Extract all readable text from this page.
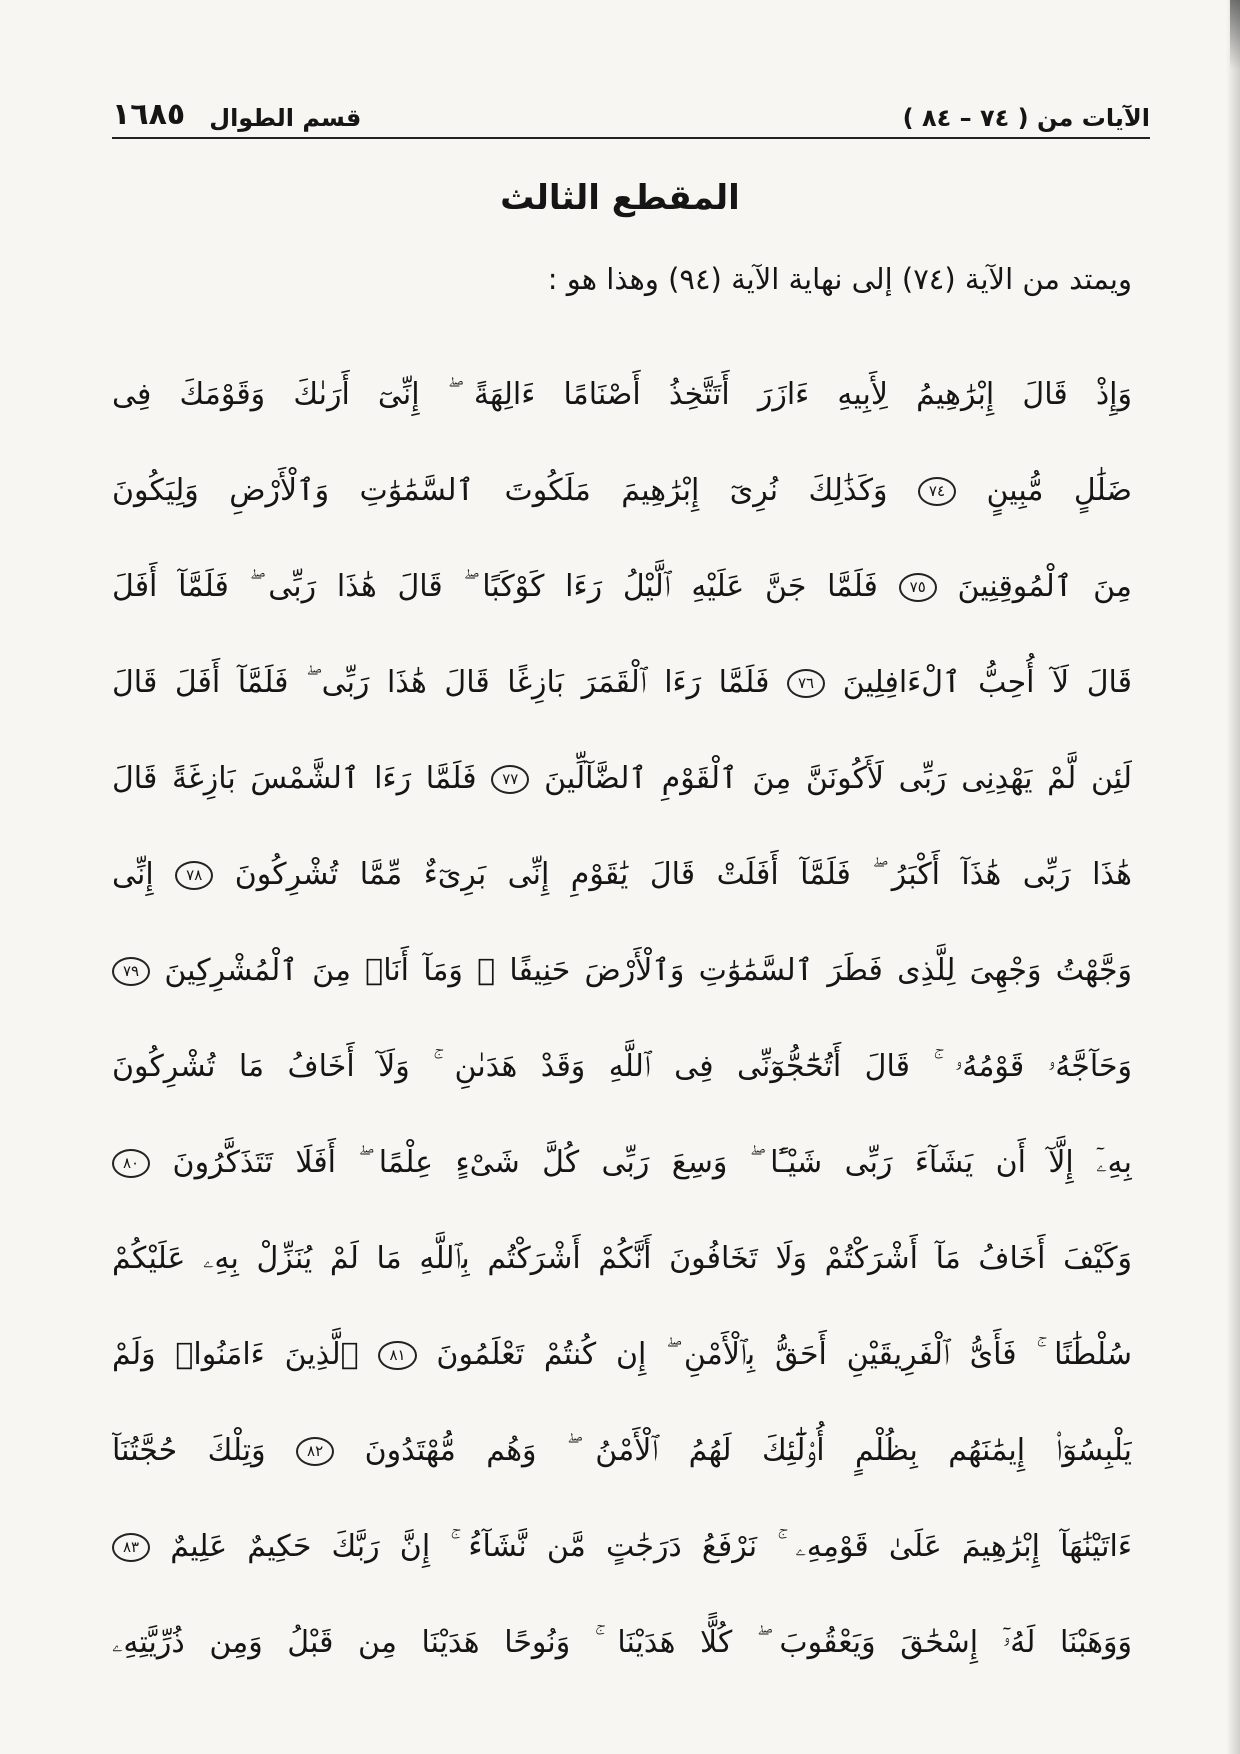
الآيات من ( ٧٤ – ٨٤ )
قسم الطوال
١٦٨٥
المقطع الثالث
ويمتد من الآية (٧٤) إلى نهاية الآية (٩٤) وهذا هو :
وَإِذْ قَالَ إِبْرَٰهِيمُ لِأَبِيهِ ءَازَرَ أَتَتَّخِذُ أَصْنَامًا ءَالِهَةً ۖ إِنِّىٓ أَرَىٰكَ وَقَوْمَكَ فِى
ضَلَٰلٍ مُّبِينٍ ٧٤ وَكَذَٰلِكَ نُرِىٓ إِبْرَٰهِيمَ مَلَكُوتَ ٱلسَّمَٰوَٰتِ وَٱلْأَرْضِ وَلِيَكُونَ
مِنَ ٱلْمُوقِنِينَ ٧٥ فَلَمَّا جَنَّ عَلَيْهِ ٱلَّيْلُ رَءَا كَوْكَبًا ۖ قَالَ هَٰذَا رَبِّى ۖ فَلَمَّآ أَفَلَ
قَالَ لَآ أُحِبُّ ٱلْءَافِلِينَ ٧٦ فَلَمَّا رَءَا ٱلْقَمَرَ بَازِغًا قَالَ هَٰذَا رَبِّى ۖ فَلَمَّآ أَفَلَ قَالَ
لَئِن لَّمْ يَهْدِنِى رَبِّى لَأَكُونَنَّ مِنَ ٱلْقَوْمِ ٱلضَّآلِّينَ ٧٧ فَلَمَّا رَءَا ٱلشَّمْسَ بَازِغَةً قَالَ
هَٰذَا رَبِّى هَٰذَآ أَكْبَرُ ۖ فَلَمَّآ أَفَلَتْ قَالَ يَٰقَوْمِ إِنِّى بَرِىٓءٌ مِّمَّا تُشْرِكُونَ ٧٨ إِنِّى
وَجَّهْتُ وَجْهِىَ لِلَّذِى فَطَرَ ٱلسَّمَٰوَٰتِ وَٱلْأَرْضَ حَنِيفًا ۖ وَمَآ أَنَا۠ مِنَ ٱلْمُشْرِكِينَ ٧٩
وَحَآجَّهُۥ قَوْمُهُۥ ۚ قَالَ أَتُحَٰٓجُّوٓنِّى فِى ٱللَّهِ وَقَدْ هَدَىٰنِ ۚ وَلَآ أَخَافُ مَا تُشْرِكُونَ
بِهِۦٓ إِلَّآ أَن يَشَآءَ رَبِّى شَيْـًٔا ۖ وَسِعَ رَبِّى كُلَّ شَىْءٍ عِلْمًا ۖ أَفَلَا تَتَذَكَّرُونَ ٨٠
وَكَيْفَ أَخَافُ مَآ أَشْرَكْتُمْ وَلَا تَخَافُونَ أَنَّكُمْ أَشْرَكْتُم بِٱللَّهِ مَا لَمْ يُنَزِّلْ بِهِۦ عَلَيْكُمْ
سُلْطَٰنًا ۚ فَأَىُّ ٱلْفَرِيقَيْنِ أَحَقُّ بِٱلْأَمْنِ ۖ إِن كُنتُمْ تَعْلَمُونَ ٨١ ٱلَّذِينَ ءَامَنُوا۟ وَلَمْ
يَلْبِسُوٓا۟ إِيمَٰنَهُم بِظُلْمٍ أُو۟لَٰٓئِكَ لَهُمُ ٱلْأَمْنُ ۖ وَهُم مُّهْتَدُونَ ٨٢ وَتِلْكَ حُجَّتُنَآ
ءَاتَيْنَٰهَآ إِبْرَٰهِيمَ عَلَىٰ قَوْمِهِۦ ۚ نَرْفَعُ دَرَجَٰتٍ مَّن نَّشَآءُ ۚ إِنَّ رَبَّكَ حَكِيمٌ عَلِيمٌ ٨٣
وَوَهَبْنَا لَهُۥٓ إِسْحَٰقَ وَيَعْقُوبَ ۖ كُلًّا هَدَيْنَا ۚ وَنُوحًا هَدَيْنَا مِن قَبْلُ وَمِن ذُرِّيَّتِهِۦ
